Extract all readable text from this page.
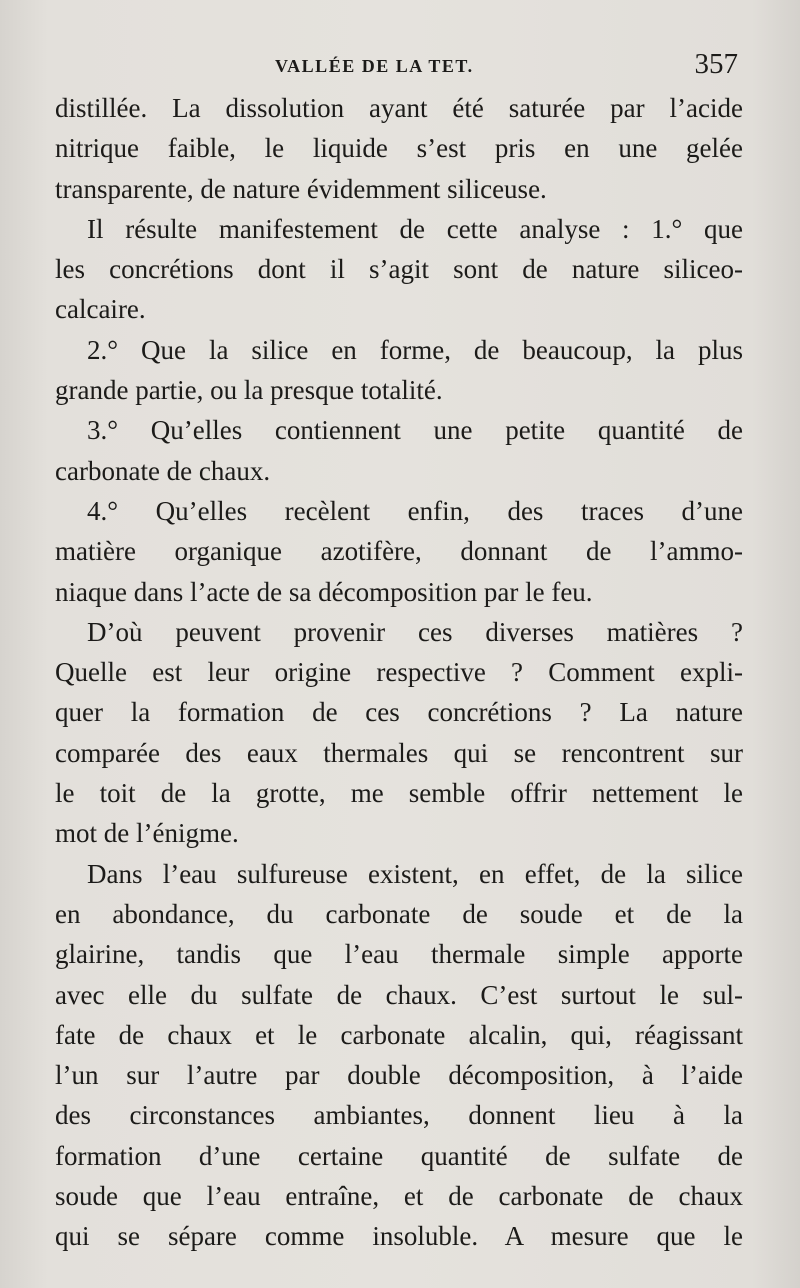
VALLÉE DE LA TET.	357
distillée. La dissolution ayant été saturée par l’acide
nitrique faible, le liquide s’est pris en une gelée
transparente, de nature évidemment siliceuse.
Il résulte manifestement de cette analyse : 1.° que
les concrétions dont il s’agit sont de nature siliceo-
calcaire.
2.° Que la silice en forme, de beaucoup, la plus
grande partie, ou la presque totalité.
3.° Qu’elles contiennent une petite quantité de
carbonate de chaux.
4.° Qu’elles recèlent enfin, des traces d’une
matière organique azotifère, donnant de l’ammo-
niaque dans l’acte de sa décomposition par le feu.
D’où peuvent provenir ces diverses matières ?
Quelle est leur origine respective ? Comment expli-
quer la formation de ces concrétions ? La nature
comparée des eaux thermales qui se rencontrent sur
le toit de la grotte, me semble offrir nettement le
mot de l’énigme.
Dans l’eau sulfureuse existent, en effet, de la silice
en abondance, du carbonate de soude et de la
glairine, tandis que l’eau thermale simple apporte
avec elle du sulfate de chaux. C’est surtout le sul-
fate de chaux et le carbonate alcalin, qui, réagissant
l’un sur l’autre par double décomposition, à l’aide
des circonstances ambiantes, donnent lieu à la
formation d’une certaine quantité de sulfate de
soude que l’eau entraîne, et de carbonate de chaux
qui se sépare comme insoluble. A mesure que le
